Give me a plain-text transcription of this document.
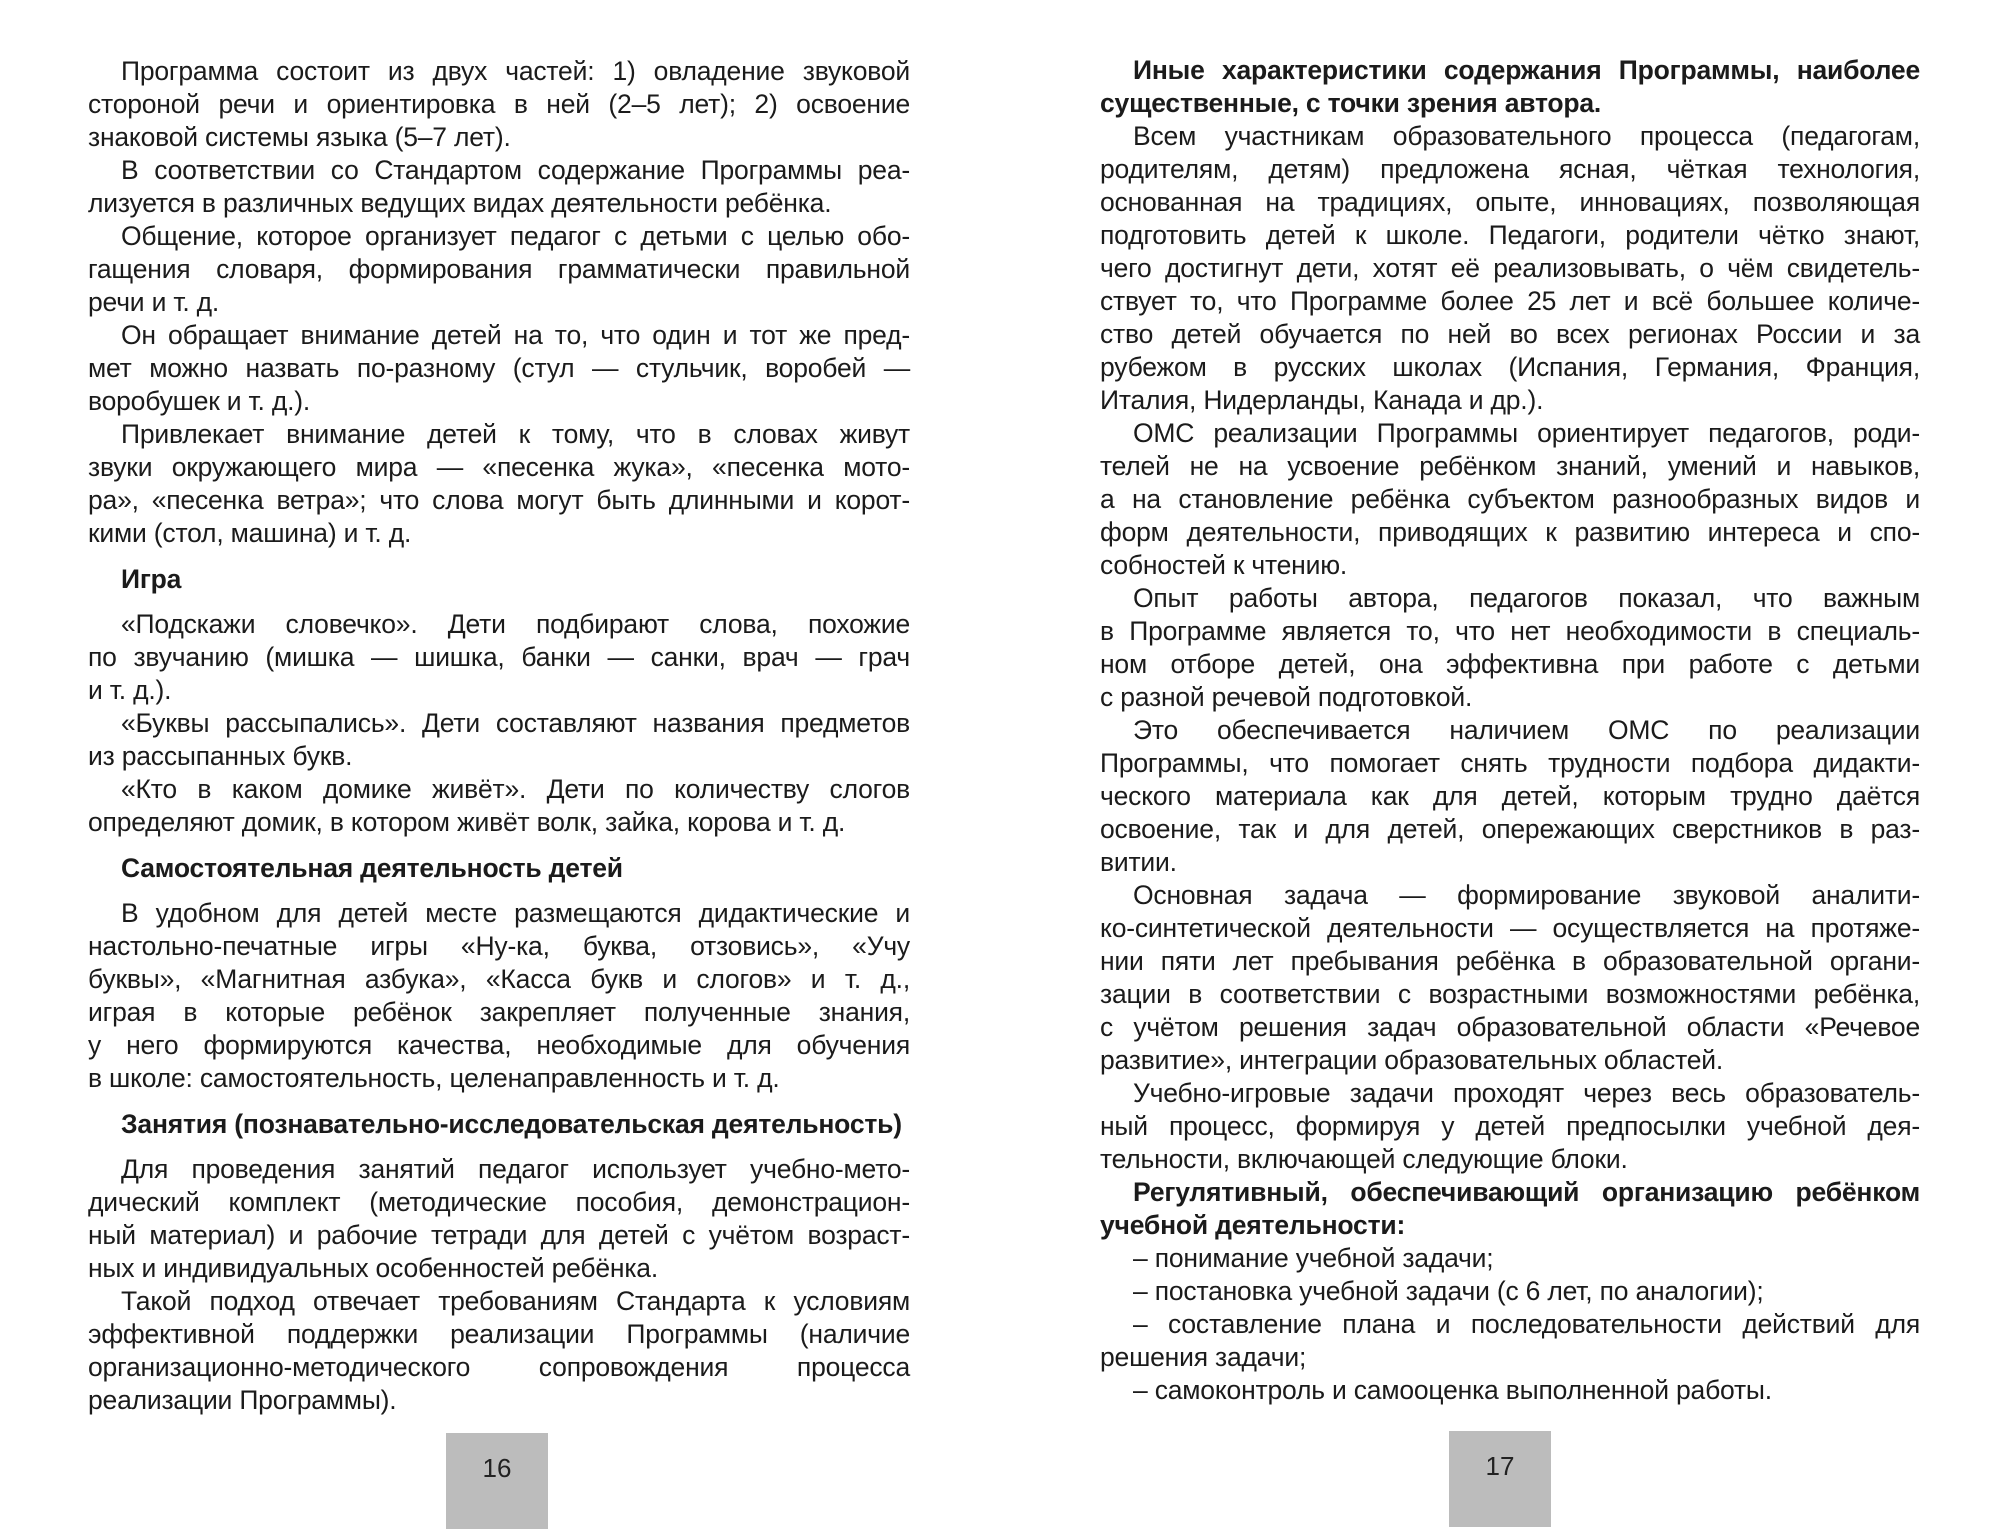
Программа состоит из двух частей: 1) овладение звуковой
стороной речи и ориентировка в ней (2–5 лет); 2) освоение
знаковой системы языка (5–7 лет).
В соответствии со Стандартом содержание Программы реа-
лизуется в различных ведущих видах деятельности ребёнка.
Общение, которое организует педагог с детьми с целью обо-
гащения словаря, формирования грамматически правильной
речи и т. д.
Он обращает внимание детей на то, что один и тот же пред-
мет можно назвать по-разному (стул — стульчик, воробей —
воробушек и т. д.).
Привлекает внимание детей к тому, что в словах живут
звуки окружающего мира — «песенка жука», «песенка мото-
ра», «песенка ветра»; что слова могут быть длинными и корот-
кими (стол, машина) и т. д.
Игра
«Подскажи словечко». Дети подбирают слова, похожие
по звучанию (мишка — шишка, банки — санки, врач — грач
и т. д.).
«Буквы рассыпались». Дети составляют названия предметов
из рассыпанных букв.
«Кто в каком домике живёт». Дети по количеству слогов
определяют домик, в котором живёт волк, зайка, корова и т. д.
Самостоятельная деятельность детей
В удобном для детей месте размещаются дидактические и
настольно-печатные игры «Ну-ка, буква, отзовись», «Учу
буквы», «Магнитная азбука», «Касса букв и слогов» и т. д.,
играя в которые ребёнок закрепляет полученные знания,
у него формируются качества, необходимые для обучения
в школе: самостоятельность, целенаправленность и т. д.
Занятия (познавательно-исследовательская деятельность)
Для проведения занятий педагог использует учебно-мето-
дический комплект (методические пособия, демонстрацион-
ный материал) и рабочие тетради для детей с учётом возраст-
ных и индивидуальных особенностей ребёнка.
Такой подход отвечает требованиям Стандарта к условиям
эффективной поддержки реализации Программы (наличие
организационно-методического сопровождения процесса
реализации Программы).
Иные характеристики содержания Программы, наиболее
существенные, с точки зрения автора.
Всем участникам образовательного процесса (педагогам,
родителям, детям) предложена ясная, чёткая технология,
основанная на традициях, опыте, инновациях, позволяющая
подготовить детей к школе. Педагоги, родители чётко знают,
чего достигнут дети, хотят её реализовывать, о чём свидетель-
ствует то, что Программе более 25 лет и всё большее количе-
ство детей обучается по ней во всех регионах России и за
рубежом в русских школах (Испания, Германия, Франция,
Италия, Нидерланды, Канада и др.).
ОМС реализации Программы ориентирует педагогов, роди-
телей не на усвоение ребёнком знаний, умений и навыков,
а на становление ребёнка субъектом разнообразных видов и
форм деятельности, приводящих к развитию интереса и спо-
собностей к чтению.
Опыт работы автора, педагогов показал, что важным
в Программе является то, что нет необходимости в специаль-
ном отборе детей, она эффективна при работе с детьми
с разной речевой подготовкой.
Это обеспечивается наличием ОМС по реализации
Программы, что помогает снять трудности подбора дидакти-
ческого материала как для детей, которым трудно даётся
освоение, так и для детей, опережающих сверстников в раз-
витии.
Основная задача — формирование звуковой аналити-
ко-синтетической деятельности — осуществляется на протяже-
нии пяти лет пребывания ребёнка в образовательной органи-
зации в соответствии с возрастными возможностями ребёнка,
с учётом решения задач образовательной области «Речевое
развитие», интеграции образовательных областей.
Учебно-игровые задачи проходят через весь образователь-
ный процесс, формируя у детей предпосылки учебной дея-
тельности, включающей следующие блоки.
Регулятивный, обеспечивающий организацию ребёнком
учебной деятельности:
– понимание учебной задачи;
– постановка учебной задачи (с 6 лет, по аналогии);
– составление плана и последовательности действий для
решения задачи;
– самоконтроль и самооценка выполненной работы.
16	17
